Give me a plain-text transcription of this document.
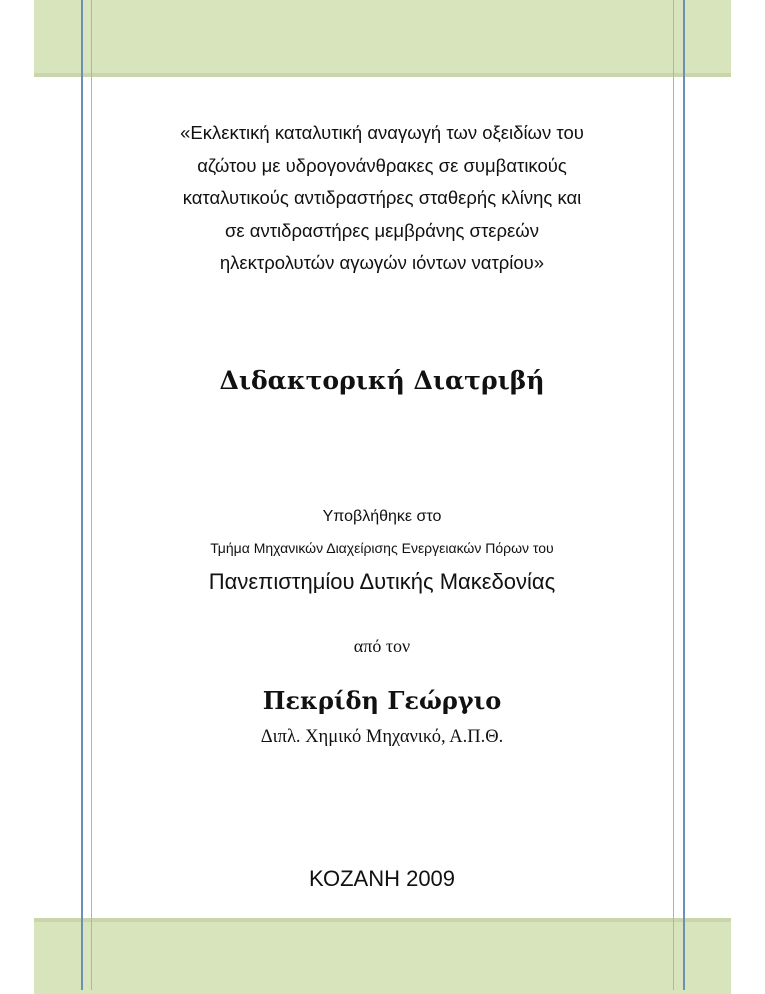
«Εκλεκτική καταλυτική αναγωγή των οξειδίων του
αζώτου με υδρογονάνθρακες σε συμβατικούς
καταλυτικούς αντιδραστήρες σταθερής κλίνης και
σε αντιδραστήρες μεμβράνης στερεών
ηλεκτρολυτών αγωγών ιόντων νατρίου»
Διδακτορική Διατριβή
Υποβλήθηκε στο
Τμήμα Μηχανικών Διαχείρισης Ενεργειακών Πόρων του
Πανεπιστημίου Δυτικής Μακεδονίας
από τον
Πεκρίδη Γεώργιο
Διπλ. Χημικό Μηχανικό, Α.Π.Θ.
ΚΟΖΑΝΗ 2009
